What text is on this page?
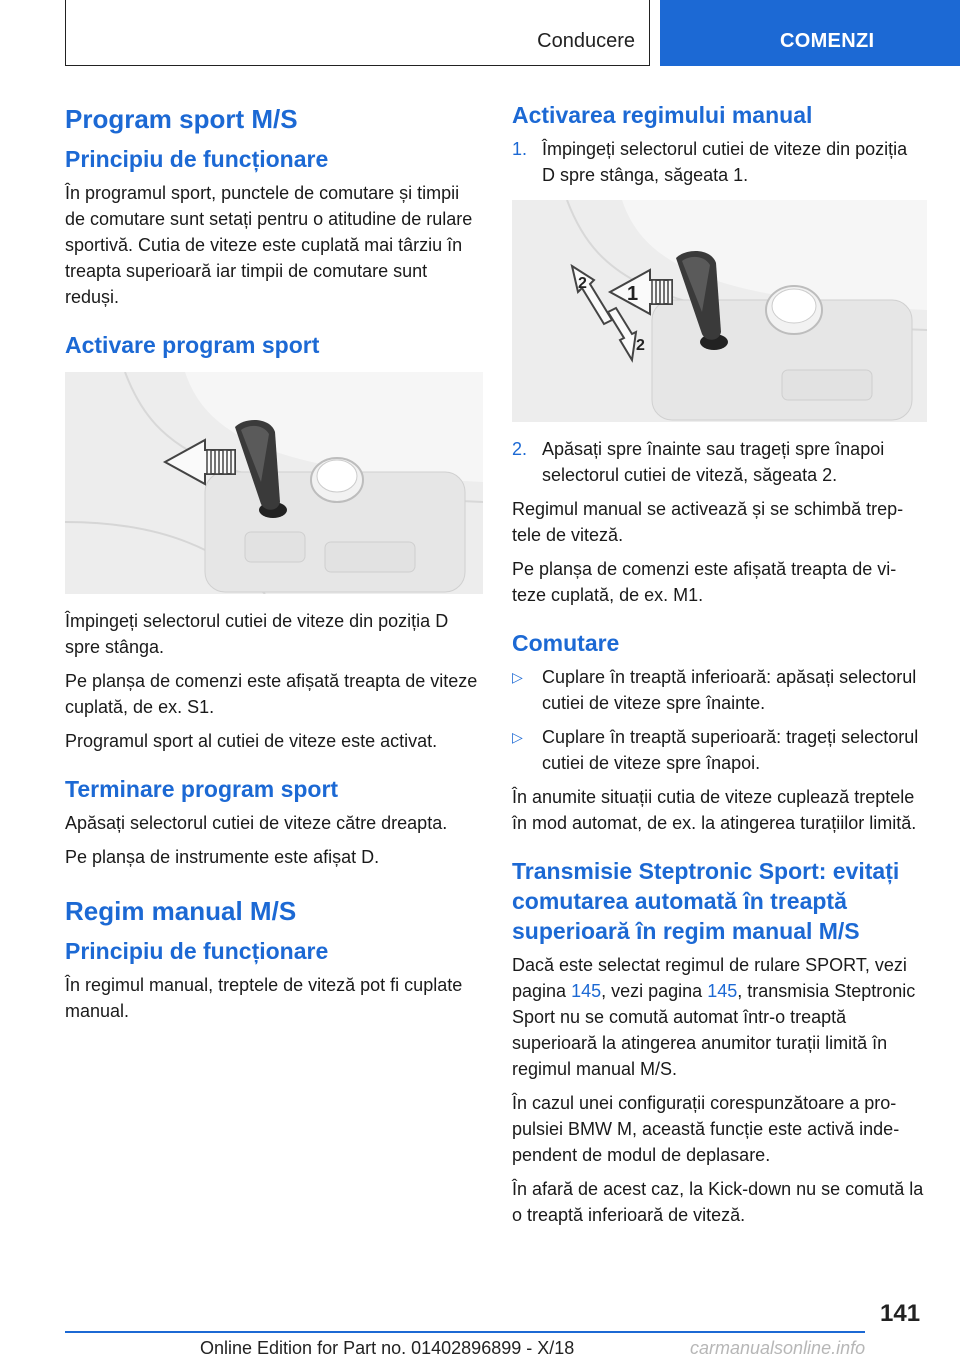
Conducere	COMENZI
Program sport M/S
Principiu de funcționare

În programul sport, punctele de comutare și timpii de comutare sunt setați pentru o atitudine de rulare sportivă. Cutia de viteze este cuplată mai târziu în treapta superioară iar timpii de comutare sunt reduși.

Activare program sport

Împingeți selectorul cutiei de viteze din poziția D spre stânga.

Pe planșa de comenzi este afișată treapta de viteze cuplată, de ex. S1.

Programul sport al cutiei de viteze este activat.

Terminare program sport

Apăsați selectorul cutiei de viteze către dreapta.

Pe planșa de instrumente este afișat D.

Regim manual M/S
Principiu de funcționare

În regimul manual, treptele de viteză pot fi cuplate manual.

Activarea regimului manual
1. Împingeți selectorul cutiei de viteze din poziția D spre stânga, săgeata 1.
1
2
2
2. Apăsați spre înainte sau trageți spre înapoi selectorul cutiei de viteză, săgeata 2.

Regimul manual se activează și se schimbă treptele de viteză.

Pe planșa de comenzi este afișată treapta de viteze cuplată, de ex. M1.

Comutare
▷	Cuplare în treaptă inferioară: apăsați selectorul cutiei de viteze spre înainte.
▷	Cuplare în treaptă superioară: trageți selectorul cutiei de viteze spre înapoi.

În anumite situații cutia de viteze cuplează treptele în mod automat, de ex. la atingerea turațiilor limită.

Transmisie Steptronic Sport: evitați comutarea automată în treaptă superioară în regim manual M/S

Dacă este selectat regimul de rulare SPORT, vezi pagina 145, vezi pagina 145, transmisia Steptronic Sport nu se comută automat într-o treaptă superioară la atingerea anumitor turații limită în regimul manual M/S.

În cazul unei configurații corespunzătoare a propulsiei BMW M, această funcție este activă independent de modul de deplasare.

În afară de acest caz, la Kick-down nu se comută la o treaptă inferioară de viteză.

141
Online Edition for Part no. 01402896899 - X/18	carmanualsonline.info
